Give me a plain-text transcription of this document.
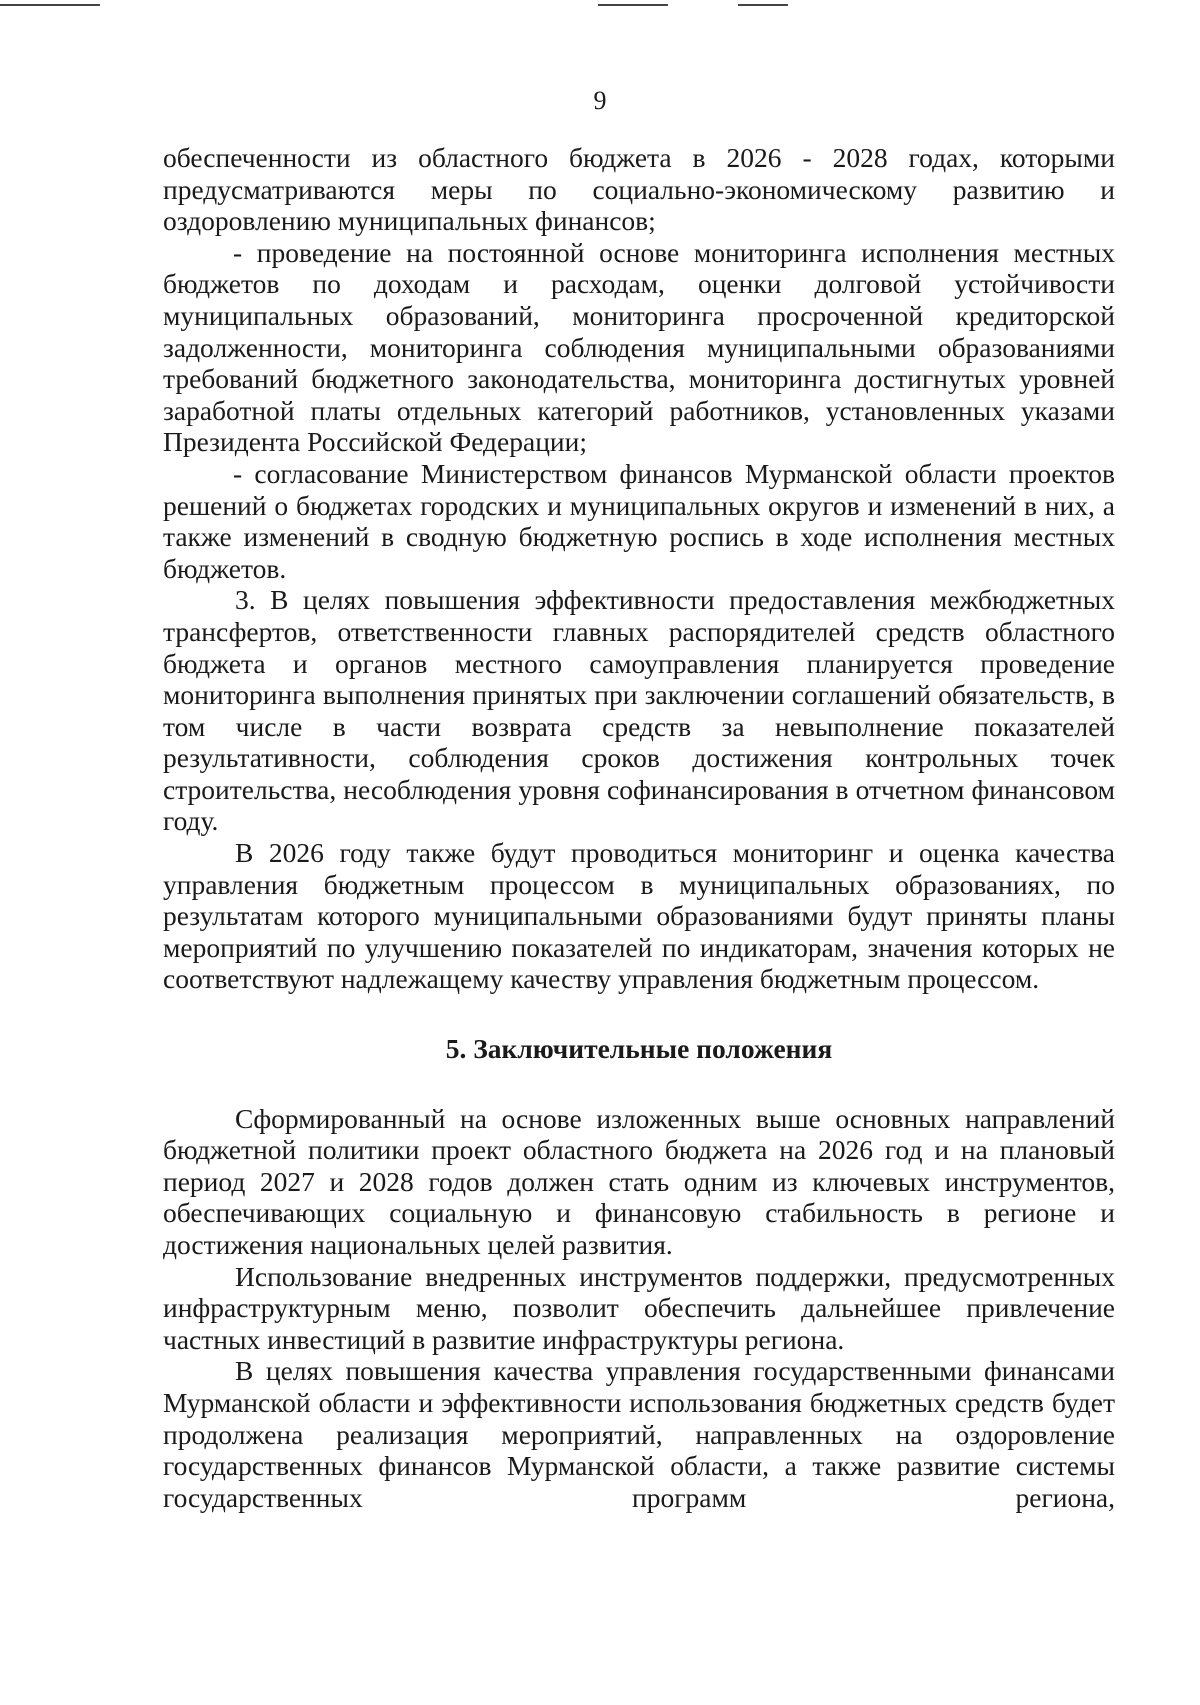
9

обеспеченности из областного бюджета в 2026 - 2028 годах, которыми предусматриваются меры по социально-экономическому развитию и оздоровлению муниципальных финансов;

- проведение на постоянной основе мониторинга исполнения местных бюджетов по доходам и расходам, оценки долговой устойчивости муниципальных образований, мониторинга просроченной кредиторской задолженности, мониторинга соблюдения муниципальными образованиями требований бюджетного законодательства, мониторинга достигнутых уровней заработной платы отдельных категорий работников, установленных указами Президента Российской Федерации;

- согласование Министерством финансов Мурманской области проектов решений о бюджетах городских и муниципальных округов и изменений в них, а также изменений в сводную бюджетную роспись в ходе исполнения местных бюджетов.

3. В целях повышения эффективности предоставления межбюджетных трансфертов, ответственности главных распорядителей средств областного бюджета и органов местного самоуправления планируется проведение мониторинга выполнения принятых при заключении соглашений обязательств, в том числе в части возврата средств за невыполнение показателей результативности, соблюдения сроков достижения контрольных точек строительства, несоблюдения уровня софинансирования в отчетном финансовом году.

В 2026 году также будут проводиться мониторинг и оценка качества управления бюджетным процессом в муниципальных образованиях, по результатам которого муниципальными образованиями будут приняты планы мероприятий по улучшению показателей по индикаторам, значения которых не соответствуют надлежащему качеству управления бюджетным процессом.

5. Заключительные положения

Сформированный на основе изложенных выше основных направлений бюджетной политики проект областного бюджета на 2026 год и на плановый период 2027 и 2028 годов должен стать одним из ключевых инструментов, обеспечивающих социальную и финансовую стабильность в регионе и достижения национальных целей развития.

Использование внедренных инструментов поддержки, предусмотренных инфраструктурным меню, позволит обеспечить дальнейшее привлечение частных инвестиций в развитие инфраструктуры региона.

В целях повышения качества управления государственными финансами Мурманской области и эффективности использования бюджетных средств будет продолжена реализация мероприятий, направленных на оздоровление государственных финансов Мурманской области, а также развитие системы государственных программ региона,
